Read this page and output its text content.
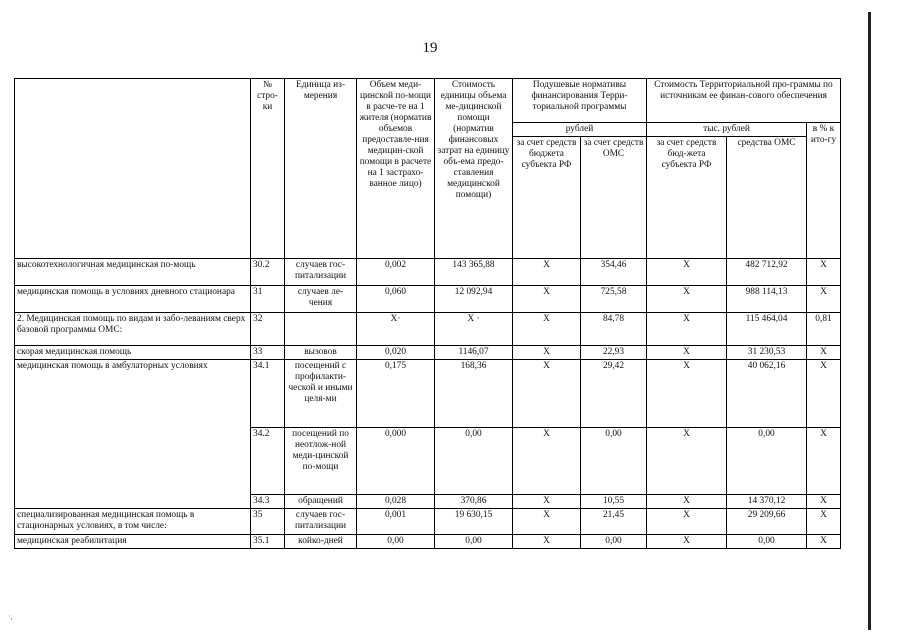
19
·,
	№ стро-ки	Единица из-мерения	Объем меди-цинской по-мощи в расче-те на 1 жителя (норматив объемов предоставле-ния медицин-ской помощи в расчете на 1 застрахо-ванное лицо)	Стоимость единицы объема ме-дицинской помощи (норматив финансовых затрат на единицу объ-ема предо-ставления медицинской помощи)	Подушевые нормативы финансирования Терри-ториальной программы		Стоимость Территориальной про-граммы по источникам ее финан-сового обеспечения		
					рублей		тыс. рублей		в % к ито-гу
					за счет средств бюджета субъекта РФ	за счет средств ОМС	за счет средств бюд-жета субъекта РФ	средства ОМС	
высокотехнологичная медицинская по-мощь	30.2	случаев гос-питализации	0,002	143 365,88	X	354,46	X	482 712,92	X
медицинская помощь в условиях дневного стационара	31	случаев ле-чения	0,060	12 092,94	X	725,58	X	988 114,13	X
2. Медицинская помощь по видам и забо-леваниям сверх базовой программы ОМС:	32		X·	X ·	X	84,78	X	115 464,04	0,81
скорая медицинская помощь	33	вызовов	0,020	1146,07	X	22,93	X	31 230,53	X
медицинская помощь в амбулаторных условиях	34.1	посещений с профилакти-ческой и иными целя-ми	0,175	168,36	X	29,42	X	40 062,16	X
	34.2	посещений по неотлож-ной меди-цинской по-мощи	0,000	0,00	X	0,00	X	0,00	X
	34.3	обращений	0,028	370,86	X	10,55	X	14 370,12	X
специализированная медицинская помощь в стационарных условиях, в том числе:	35	случаев гос-питализации	0,001	19 630,15	X	21,45	X	29 209,66	X
медицинская реабилитация	35.1	койко-дней	0,00	0,00	X	0,00	X	0,00	X
